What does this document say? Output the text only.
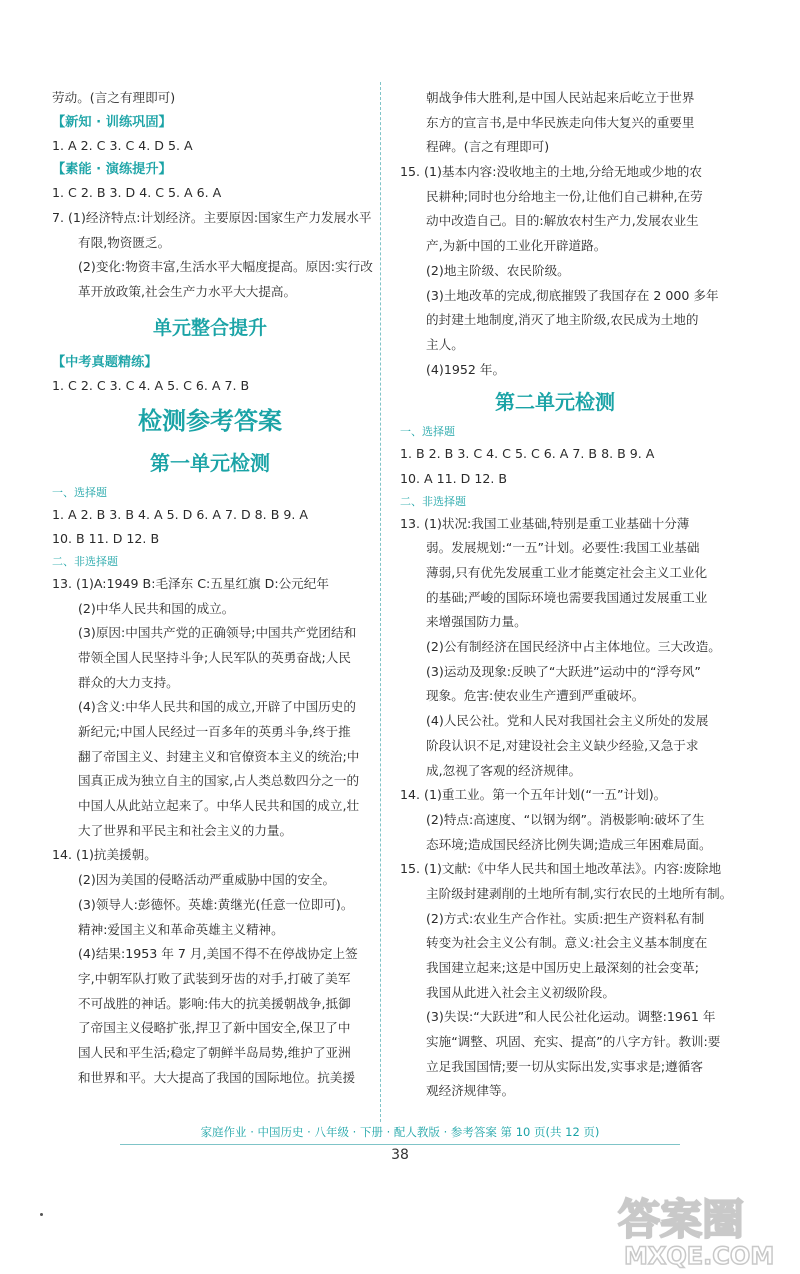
劳动。(言之有理即可)
【新知 · 训练巩固】
1. A 2. C 3. C 4. D 5. A
【素能 · 演练提升】
1. C 2. B 3. D 4. C 5. A 6. A
7. (1)经济特点:计划经济。主要原因:国家生产力发展水平
有限,物资匮乏。
(2)变化:物资丰富,生活水平大幅度提高。原因:实行改
革开放政策,社会生产力水平大大提高。
单元整合提升
【中考真题精练】
1. C 2. C 3. C 4. A 5. C 6. A 7. B
检测参考答案
第一单元检测
一、选择题
1. A 2. B 3. B 4. A 5. D 6. A 7. D 8. B 9. A
10. B 11. D 12. B
二、非选择题
13. (1)A:1949 B:毛泽东 C:五星红旗 D:公元纪年
(2)中华人民共和国的成立。
(3)原因:中国共产党的正确领导;中国共产党团结和
带领全国人民坚持斗争;人民军队的英勇奋战;人民
群众的大力支持。
(4)含义:中华人民共和国的成立,开辟了中国历史的
新纪元;中国人民经过一百多年的英勇斗争,终于推
翻了帝国主义、封建主义和官僚资本主义的统治;中
国真正成为独立自主的国家,占人类总数四分之一的
中国人从此站立起来了。中华人民共和国的成立,壮
大了世界和平民主和社会主义的力量。
14. (1)抗美援朝。
(2)因为美国的侵略活动严重威胁中国的安全。
(3)领导人:彭德怀。英雄:黄继光(任意一位即可)。
精神:爱国主义和革命英雄主义精神。
(4)结果:1953 年 7 月,美国不得不在停战协定上签
字,中朝军队打败了武装到牙齿的对手,打破了美军
不可战胜的神话。影响:伟大的抗美援朝战争,抵御
了帝国主义侵略扩张,捍卫了新中国安全,保卫了中
国人民和平生活;稳定了朝鲜半岛局势,维护了亚洲
和世界和平。大大提高了我国的国际地位。抗美援
朝战争伟大胜利,是中国人民站起来后屹立于世界
东方的宣言书,是中华民族走向伟大复兴的重要里
程碑。(言之有理即可)
15. (1)基本内容:没收地主的土地,分给无地或少地的农
民耕种;同时也分给地主一份,让他们自己耕种,在劳
动中改造自己。目的:解放农村生产力,发展农业生
产,为新中国的工业化开辟道路。
(2)地主阶级、农民阶级。
(3)土地改革的完成,彻底摧毁了我国存在 2 000 多年
的封建土地制度,消灭了地主阶级,农民成为土地的
主人。
(4)1952 年。
第二单元检测
一、选择题
1. B 2. B 3. C 4. C 5. C 6. A 7. B 8. B 9. A
10. A 11. D 12. B
二、非选择题
13. (1)状况:我国工业基础,特别是重工业基础十分薄
弱。发展规划:“一五”计划。必要性:我国工业基础
薄弱,只有优先发展重工业才能奠定社会主义工业化
的基础;严峻的国际环境也需要我国通过发展重工业
来增强国防力量。
(2)公有制经济在国民经济中占主体地位。三大改造。
(3)运动及现象:反映了“大跃进”运动中的“浮夸风”
现象。危害:使农业生产遭到严重破坏。
(4)人民公社。党和人民对我国社会主义所处的发展
阶段认识不足,对建设社会主义缺少经验,又急于求
成,忽视了客观的经济规律。
14. (1)重工业。第一个五年计划(“一五”计划)。
(2)特点:高速度、“以钢为纲”。消极影响:破坏了生
态环境;造成国民经济比例失调;造成三年困难局面。
15. (1)文献:《中华人民共和国土地改革法》。内容:废除地
主阶级封建剥削的土地所有制,实行农民的土地所有制。
(2)方式:农业生产合作社。实质:把生产资料私有制
转变为社会主义公有制。意义:社会主义基本制度在
我国建立起来;这是中国历史上最深刻的社会变革;
我国从此进入社会主义初级阶段。
(3)失误:“大跃进”和人民公社化运动。调整:1961 年
实施“调整、巩固、充实、提高”的八字方针。教训:要
立足我国国情;要一切从实际出发,实事求是;遵循客
观经济规律等。
家庭作业 · 中国历史 · 八年级 · 下册 · 配人教版 · 参考答案 第 10 页(共 12 页)
38
答案圈
MXQE.COM
